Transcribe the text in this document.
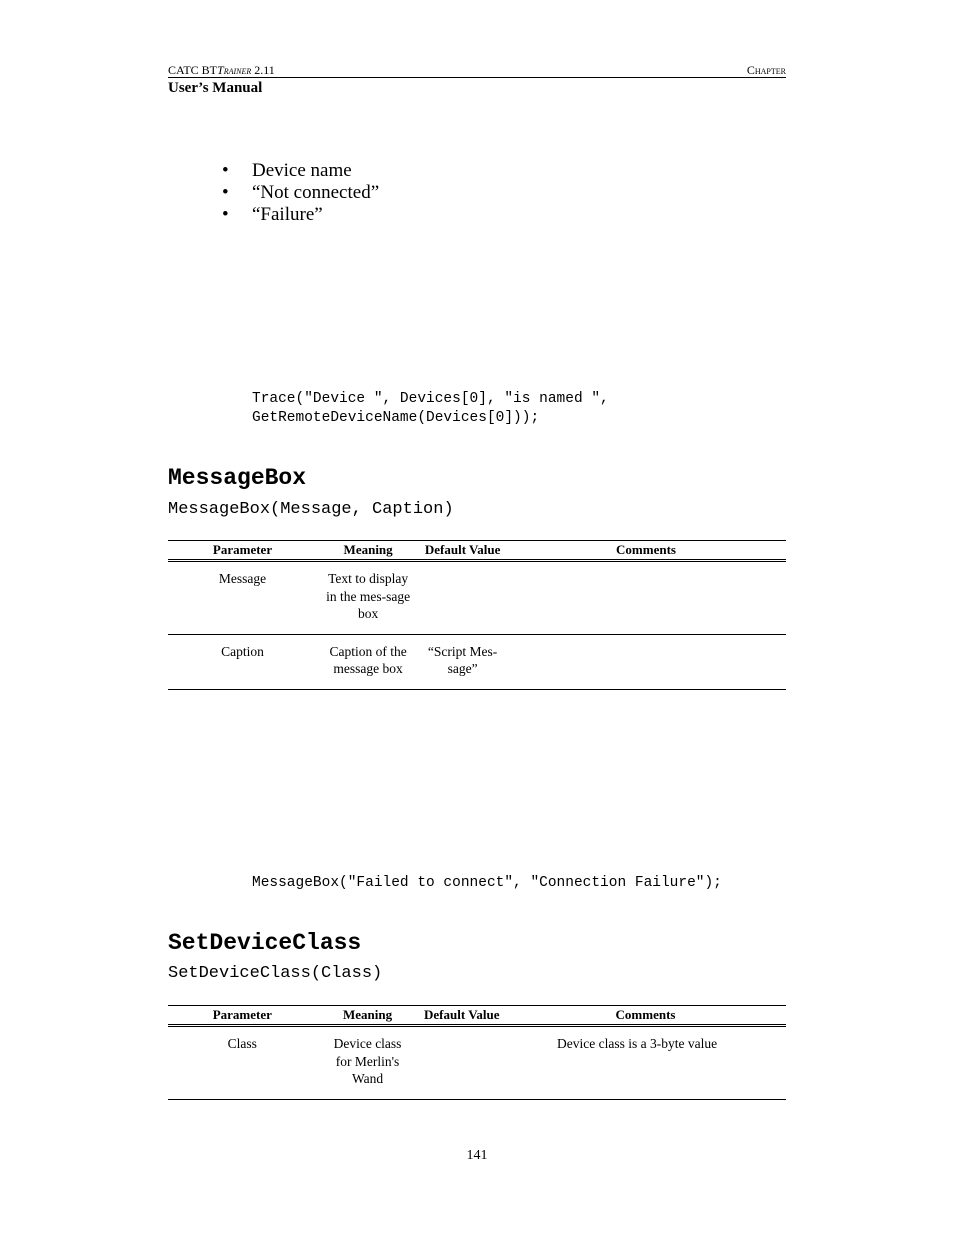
CATC BTTrainer 2.11	Chapter
User’s Manual
• Device name
• “Not connected”
• “Failure”
Trace("Device ", Devices[0], "is named ",
GetRemoteDeviceName(Devices[0]));
MessageBox
MessageBox(Message, Caption)
Parameter	Meaning	Default Value	Comments
Message	Text to display in the mes-sage box		
Caption	Caption of the message box	“Script Mes-sage”	
MessageBox("Failed to connect", "Connection Failure");
SetDeviceClass
SetDeviceClass(Class)
Parameter	Meaning	Default Value	Comments
Class	Device class for Merlin's Wand		Device class is a 3-byte value
141
